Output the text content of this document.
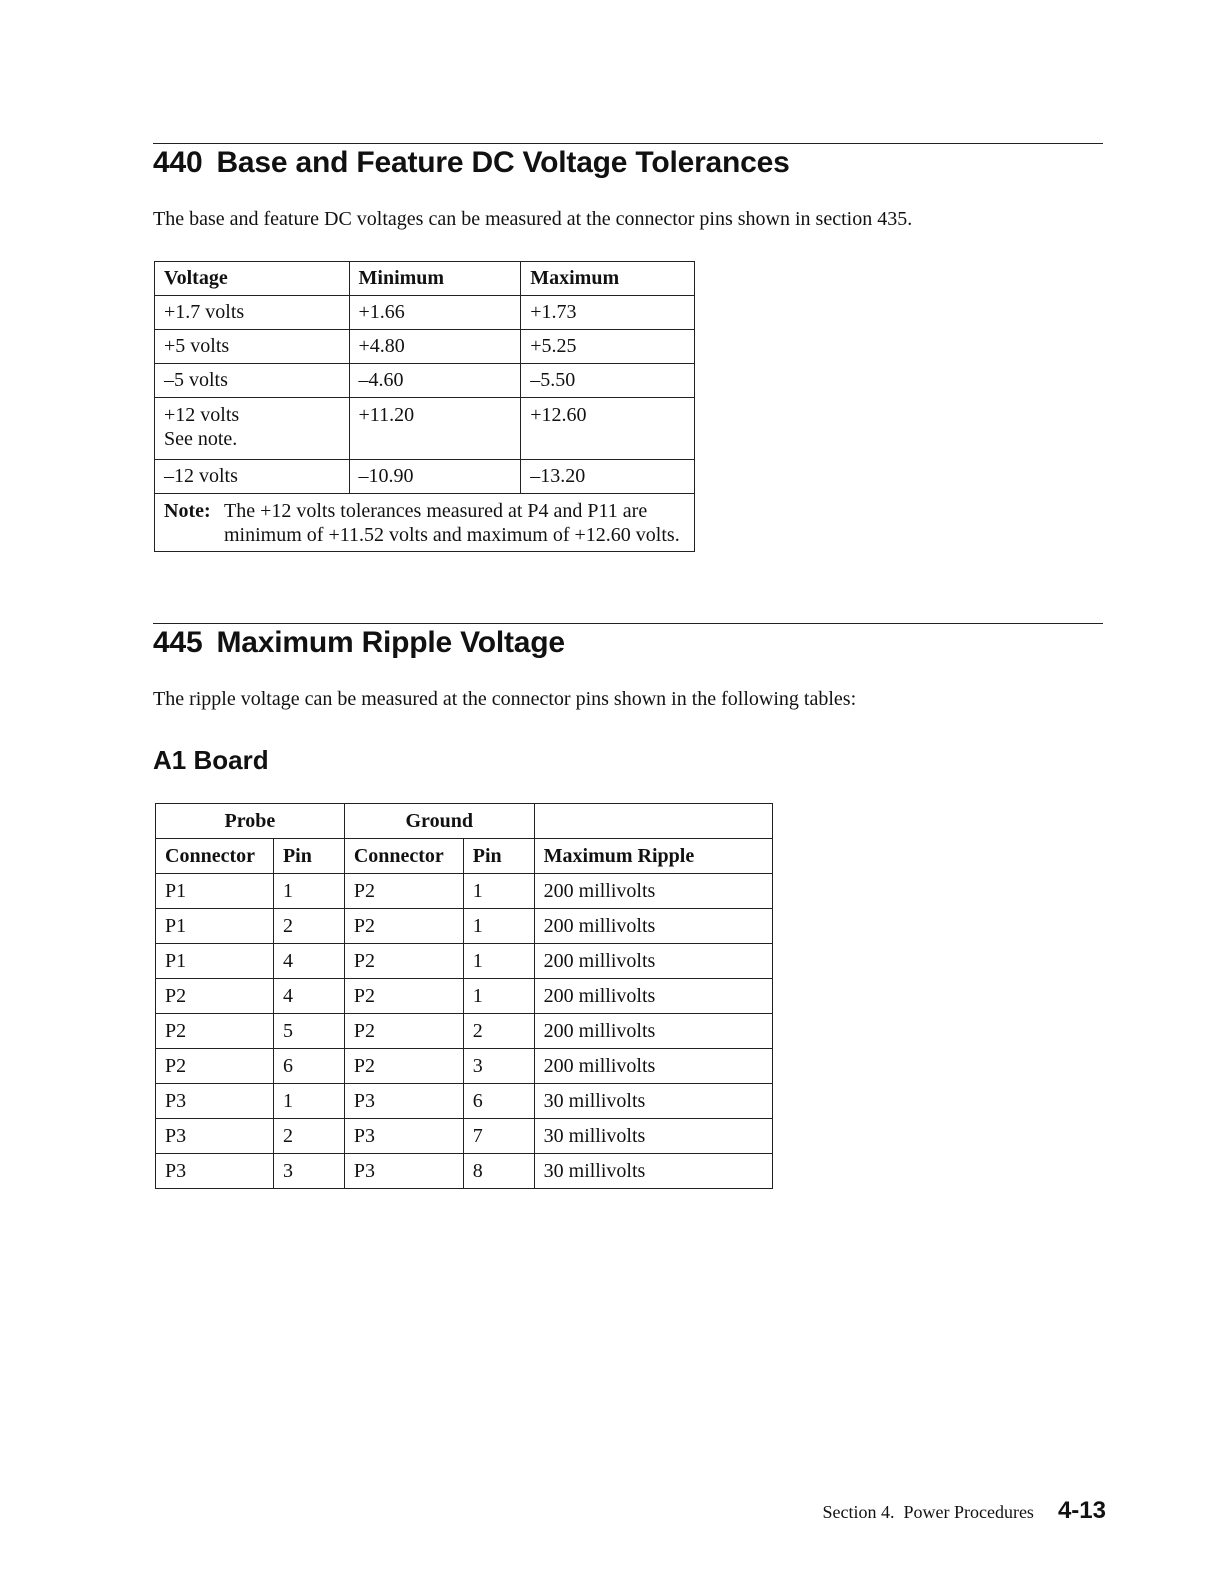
440 Base and Feature DC Voltage Tolerances

The base and feature DC voltages can be measured at the connector pins shown in section 435.

Voltage	Minimum	Maximum
+1.7 volts	+1.66	+1.73
+5 volts	+4.80	+5.25
–5 volts	–4.60	–5.50

+12 volts
See note.	+11.20	+12.60
–12 volts	–10.90	–13.20

Note: The +12 volts tolerances measured at P4 and P11 are minimum of +11.52 volts and maximum of +12.60 volts.		
445 Maximum Ripple Voltage

The ripple voltage can be measured at the connector pins shown in the following tables:

A1 Board
Probe		Ground		
Connector	Pin	Connector	Pin	Maximum Ripple
P1	1	P2	1	200 millivolts
P1	2	P2	1	200 millivolts
P1	4	P2	1	200 millivolts
P2	4	P2	1	200 millivolts
P2	5	P2	2	200 millivolts
P2	6	P2	3	200 millivolts
P3	1	P3	6	30 millivolts
P3	2	P3	7	30 millivolts
P3	3	P3	8	30 millivolts
Section 4.  Power Procedures 4-13
